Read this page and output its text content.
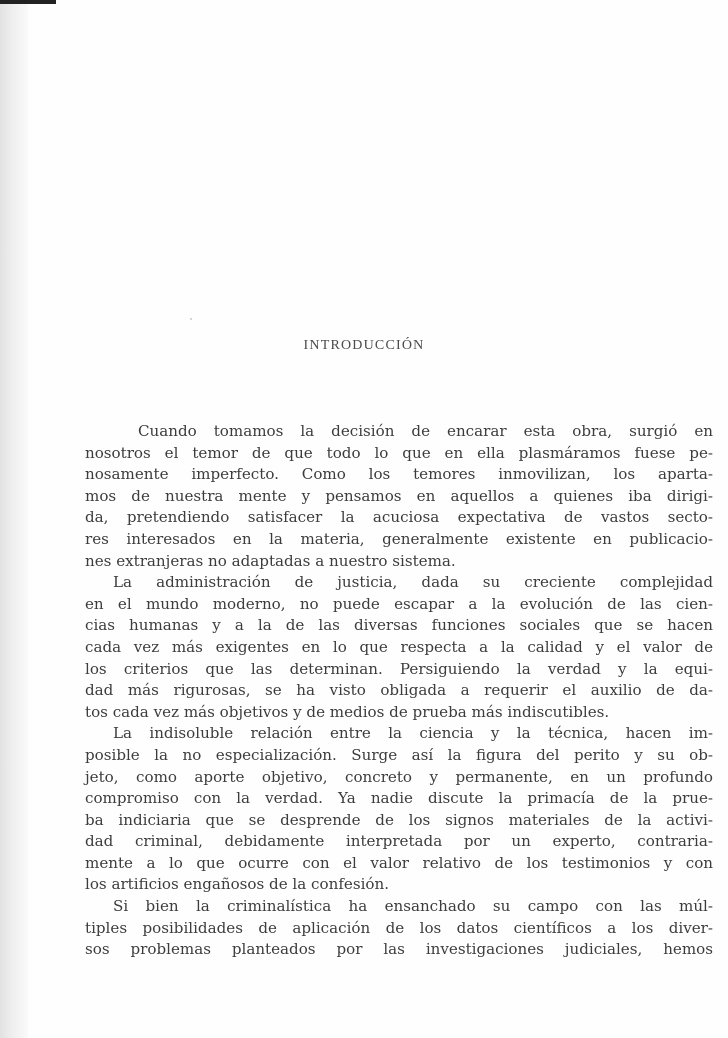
INTRODUCCIÓN

Cuando tomamos la decisión de encarar esta obra, surgió en
nosotros el temor de que todo lo que en ella plasmáramos fuese pe-
nosamente imperfecto. Como los temores inmovilizan, los aparta-
mos de nuestra mente y pensamos en aquellos a quienes iba dirigi-
da, pretendiendo satisfacer la acuciosa expectativa de vastos secto-
res interesados en la materia, generalmente existente en publicacio-
nes extranjeras no adaptadas a nuestro sistema.

La administración de justicia, dada su creciente complejidad
en el mundo moderno, no puede escapar a la evolución de las cien-
cias humanas y a la de las diversas funciones sociales que se hacen
cada vez más exigentes en lo que respecta a la calidad y el valor de
los criterios que las determinan. Persiguiendo la verdad y la equi-
dad más rigurosas, se ha visto obligada a requerir el auxilio de da-
tos cada vez más objetivos y de medios de prueba más indiscutibles.

La indisoluble relación entre la ciencia y la técnica, hacen im-
posible la no especialización. Surge así la figura del perito y su ob-
jeto, como aporte objetivo, concreto y permanente, en un profundo
compromiso con la verdad. Ya nadie discute la primacía de la prue-
ba indiciaria que se desprende de los signos materiales de la activi-
dad criminal, debidamente interpretada por un experto, contraria-
mente a lo que ocurre con el valor relativo de los testimonios y con
los artificios engañosos de la confesión.

Si bien la criminalística ha ensanchado su campo con las múl-
tiples posibilidades de aplicación de los datos científicos a los diver-
sos problemas planteados por las investigaciones judiciales, hemos
